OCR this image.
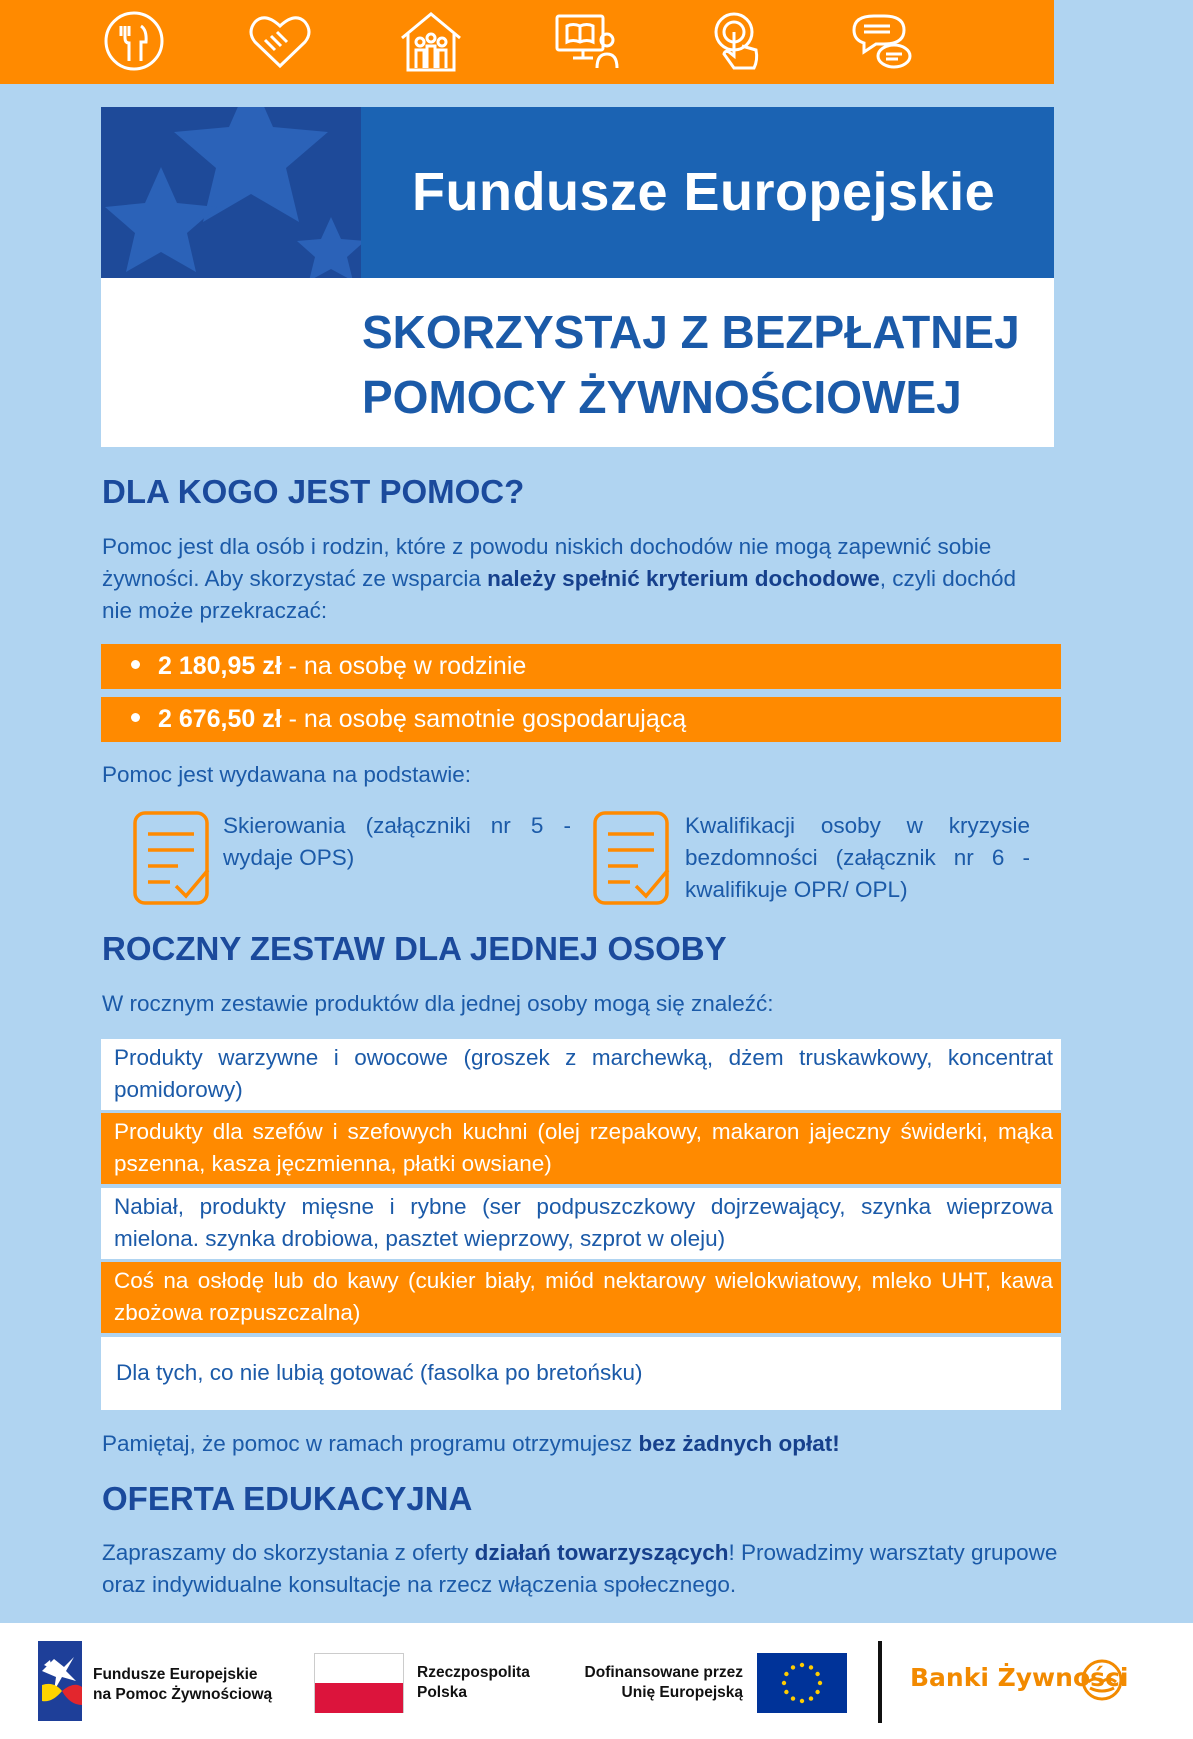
Fundusze Europejskie
SKORZYSTAJ Z BEZPŁATNEJ
POMOCY ŻYWNOŚCIOWEJ
DLA KOGO JEST POMOC?
Pomoc jest dla osób i rodzin, które z powodu niskich dochodów nie mogą zapewnić sobie żywności. Aby skorzystać ze wsparcia należy spełnić kryterium dochodowe, czyli dochód nie może przekraczać:
2 180,95 zł - na osobę w rodzinie
2 676,50 zł - na osobę samotnie gospodarującą
Pomoc jest wydawana na podstawie:
Skierowania (załączniki nr 5 - wydaje OPS)
Kwalifikacji osoby w kryzysie bezdomności (załącznik nr 6 - kwalifikuje OPR/ OPL)
ROCZNY ZESTAW DLA JEDNEJ OSOBY
W rocznym zestawie produktów dla jednej osoby mogą się znaleźć:
Produkty warzywne i owocowe (groszek z marchewką, dżem truskawkowy, koncentrat pomidorowy)
Produkty dla szefów i szefowych kuchni (olej rzepakowy, makaron jajeczny świderki, mąka pszenna, kasza jęczmienna, płatki owsiane)
Nabiał, produkty mięsne i rybne (ser podpuszczkowy dojrzewający, szynka wieprzowa mielona. szynka drobiowa, pasztet wieprzowy, szprot w oleju)
Coś na osłodę lub do kawy (cukier biały, miód nektarowy wielokwiatowy, mleko UHT, kawa zbożowa rozpuszczalna)
Dla tych, co nie lubią gotować (fasolka po bretońsku)
Pamiętaj, że pomoc w ramach programu otrzymujesz bez żadnych opłat!
OFERTA EDUKACYJNA
Zapraszamy do skorzystania z oferty działań towarzyszących! Prowadzimy warsztaty grupowe oraz indywidualne konsultacje na rzecz włączenia społecznego.
Fundusze Europejskie
na Pomoc Żywnościową
Rzeczpospolita
Polska
Dofinansowane przez
Unię Europejską
Banki Żywności
